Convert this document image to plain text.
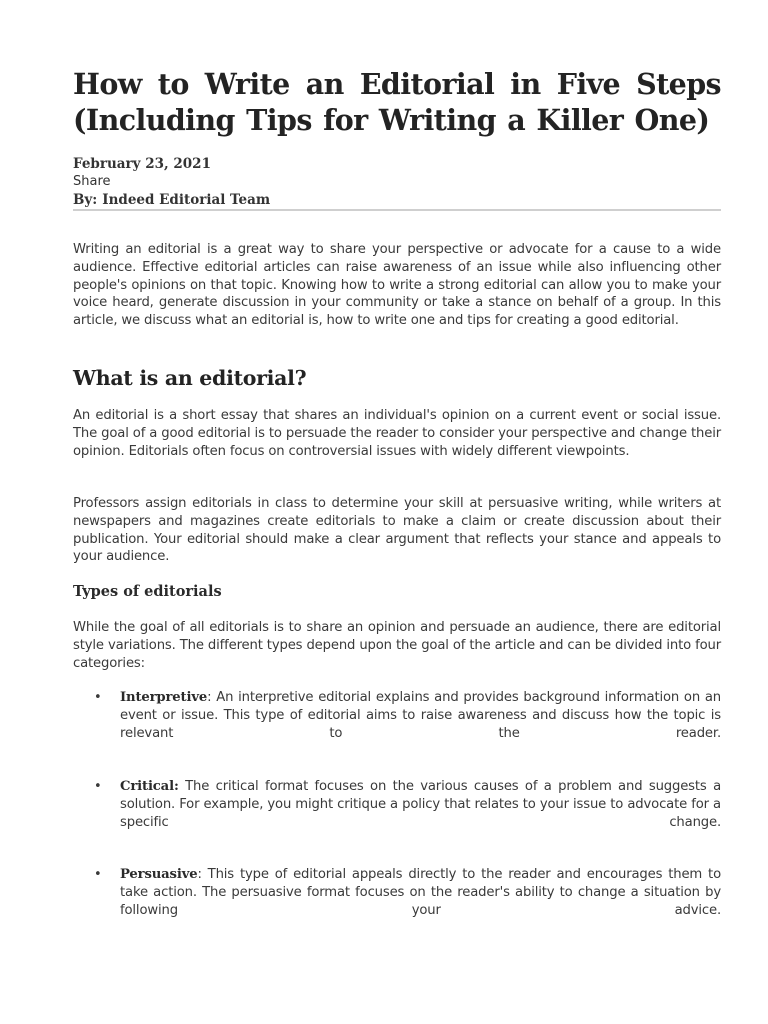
How to Write an Editorial in Five Steps (Including Tips for Writing a Killer One)
February 23, 2021
Share
By: Indeed Editorial Team

Writing an editorial is a great way to share your perspective or advocate for a cause to a wide audience. Effective editorial articles can raise awareness of an issue while also influencing other people's opinions on that topic. Knowing how to write a strong editorial can allow you to make your voice heard, generate discussion in your community or take a stance on behalf of a group. In this article, we discuss what an editorial is, how to write one and tips for creating a good editorial.

What is an editorial?

An editorial is a short essay that shares an individual's opinion on a current event or social issue. The goal of a good editorial is to persuade the reader to consider your perspective and change their opinion. Editorials often focus on controversial issues with widely different viewpoints.

Professors assign editorials in class to determine your skill at persuasive writing, while writers at newspapers and magazines create editorials to make a claim or create discussion about their publication. Your editorial should make a clear argument that reflects your stance and appeals to your audience.

Types of editorials

While the goal of all editorials is to share an opinion and persuade an audience, there are editorial style variations. The different types depend upon the goal of the article and can be divided into four categories:

• Interpretive: An interpretive editorial explains and provides background information on an event or issue. This type of editorial aims to raise awareness and discuss how the topic is relevant to the reader.
• Critical: The critical format focuses on the various causes of a problem and suggests a solution. For example, you might critique a policy that relates to your issue to advocate for a specific change.
• Persuasive: This type of editorial appeals directly to the reader and encourages them to take action. The persuasive format focuses on the reader's ability to change a situation by following your advice.
